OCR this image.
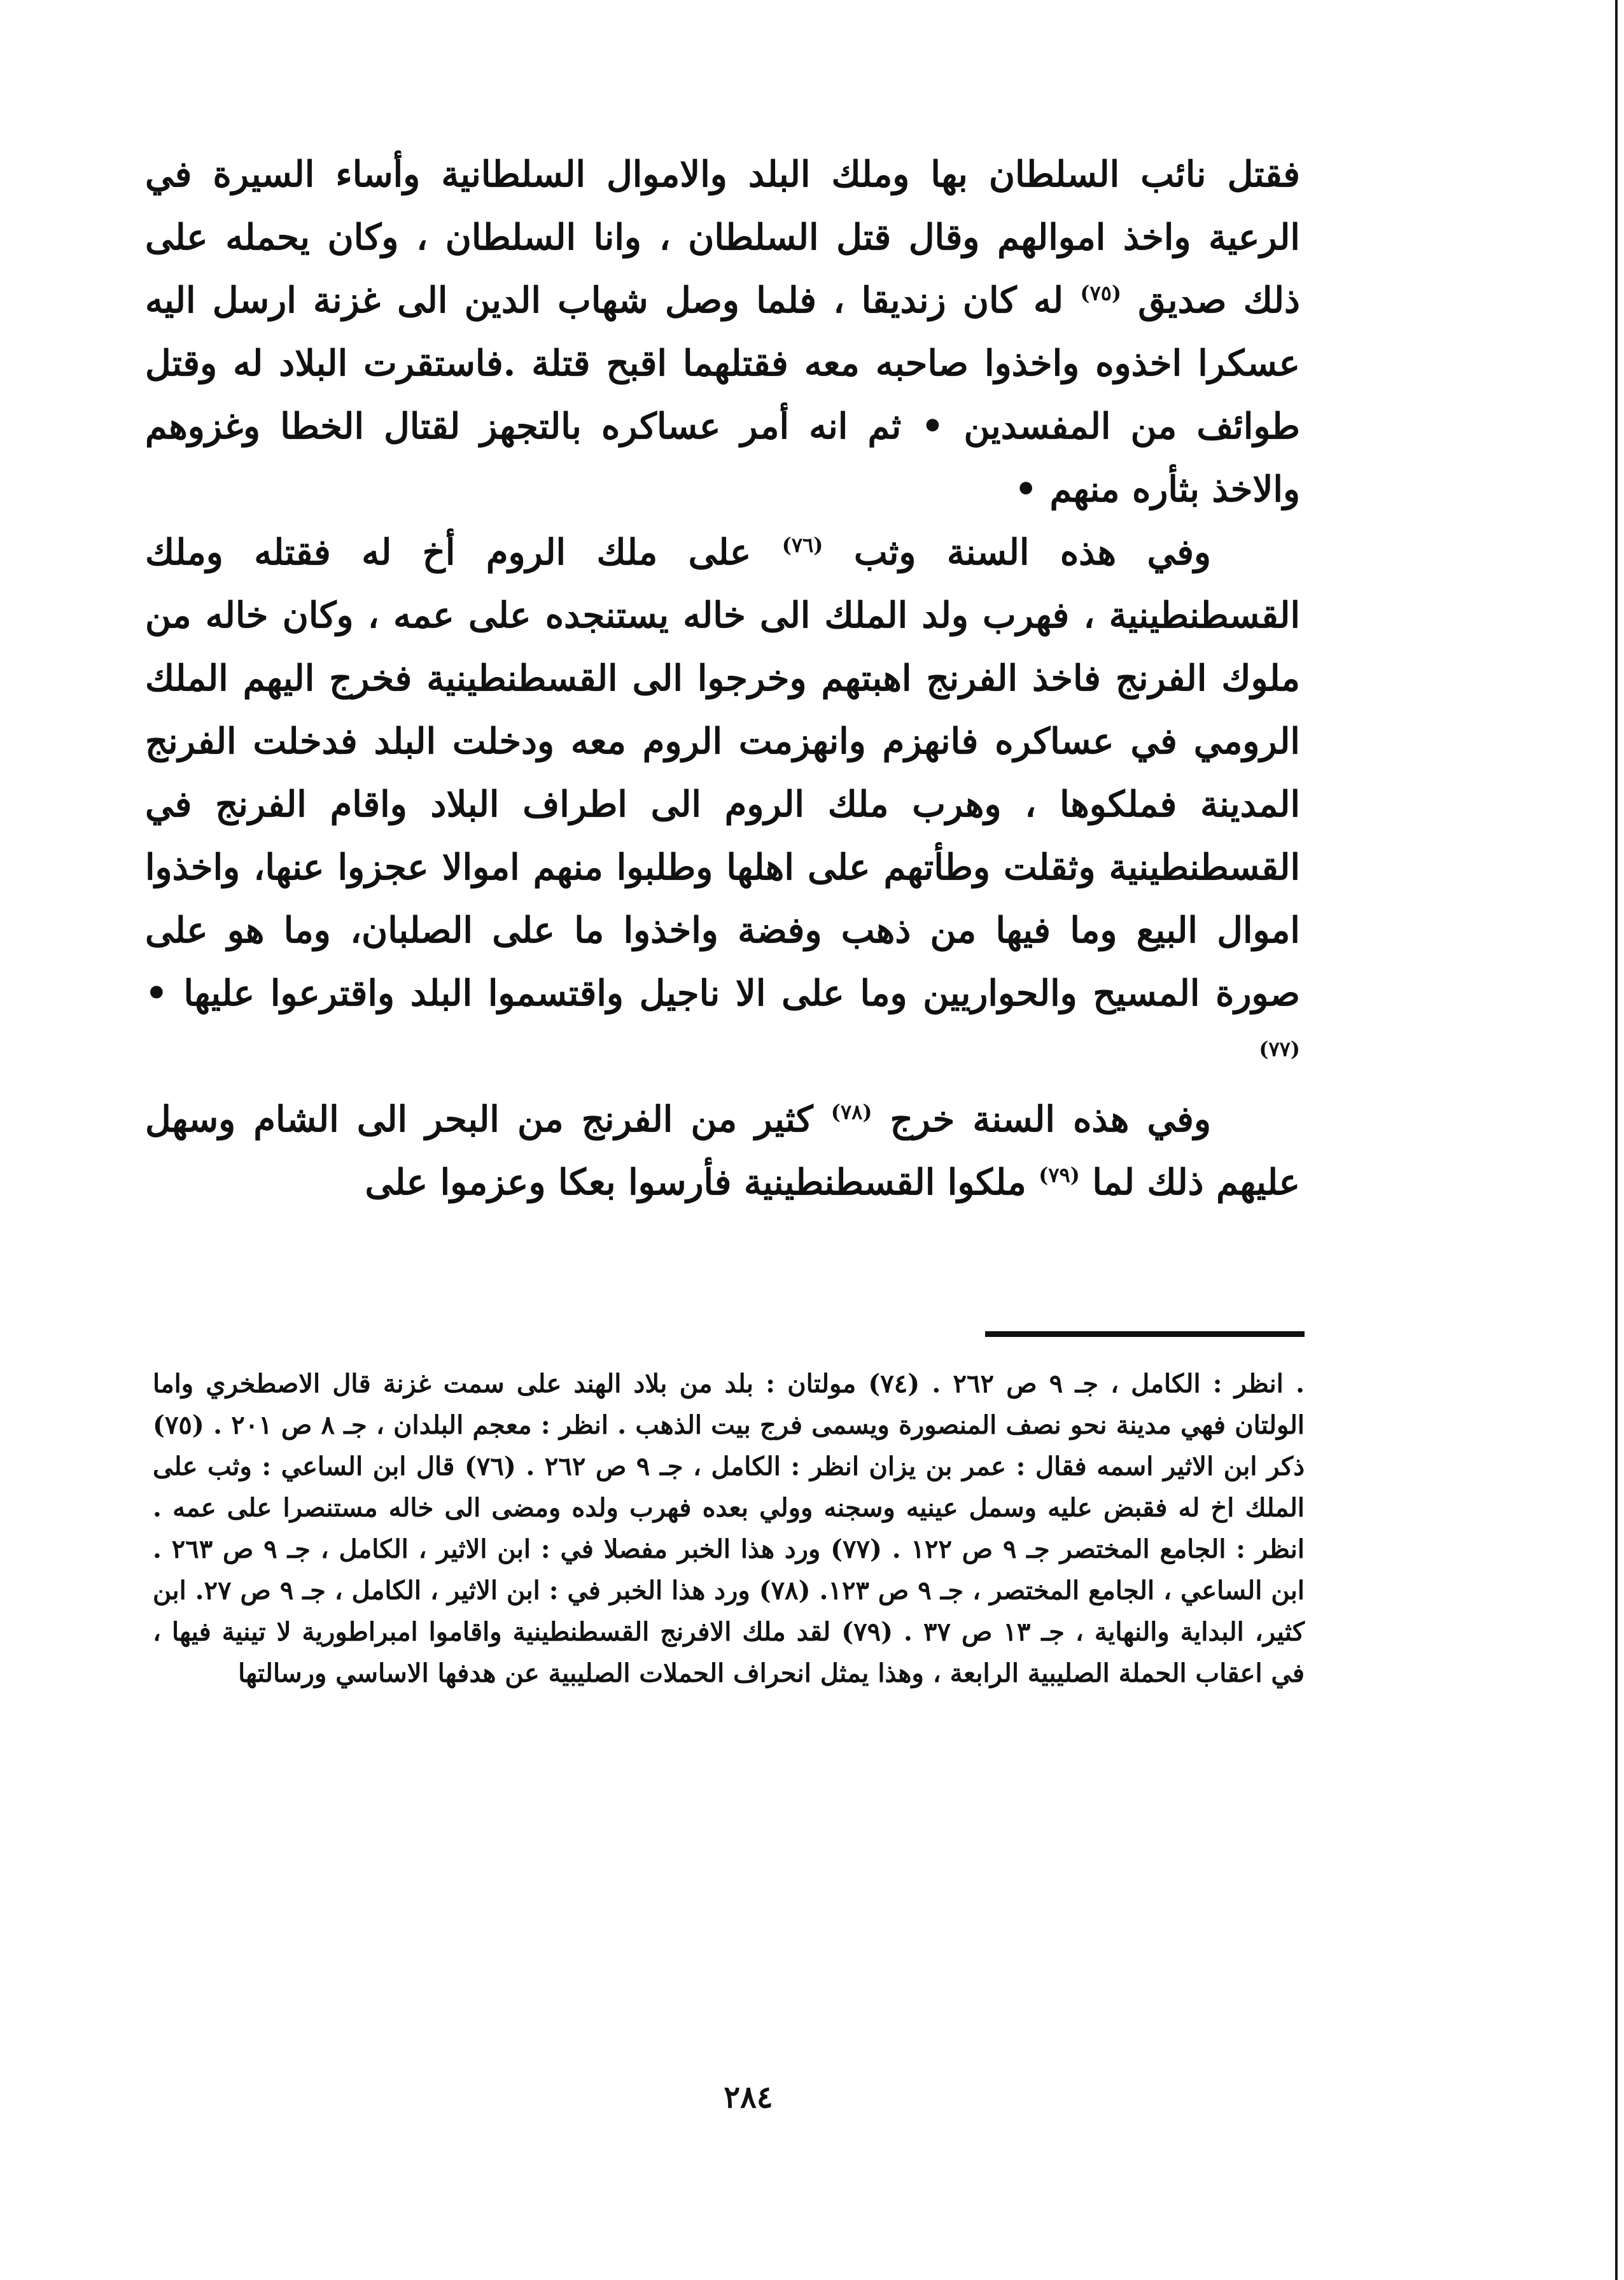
فقتل نائب السلطان بها وملك البلد والاموال السلطانية وأساء السيرة في الرعية واخذ اموالهم وقال قتل السلطان ، وانا السلطان ، وكان يحمله على ذلك صديق $^{(٧٥)}$ له كان زنديقا ، فلما وصل شهاب الدين الى غزنة ارسل اليه عسكرا اخذوه واخذوا صاحبه معه فقتلهما اقبح قتلة .فاستقرت البلاد له وقتل طوائف من المفسدين • ثم انه أمر عساكره بالتجهز لقتال الخطا وغزوهم والاخذ بثأره منهم •

وفي هذه السنة وثب $^{(٧٦)}$ على ملك الروم أخ له فقتله وملك القسطنطينية ، فهرب ولد الملك الى خاله يستنجده على عمه ، وكان خاله من ملوك الفرنج فاخذ الفرنج اهبتهم وخرجوا الى القسطنطينية فخرج اليهم الملك الرومي في عساكره فانهزم وانهزمت الروم معه ودخلت البلد فدخلت الفرنج المدينة فملكوها ، وهرب ملك الروم الى اطراف البلاد واقام الفرنج في القسطنطينية وثقلت وطأتهم على اهلها وطلبوا منهم اموالا عجزوا عنها، واخذوا اموال البيع وما فيها من ذهب وفضة واخذوا ما على الصلبان، وما هو على صورة المسيح والحواريين وما على الا ناجيل واقتسموا البلد واقترعوا عليها • $^{(٧٧)}$

وفي هذه السنة خرج $^{(٧٨)}$ كثير من الفرنج من البحر الى الشام وسهل عليهم ذلك لما $^{(٧٩)}$ ملكوا القسطنطينية فأرسوا بعكا وعزموا على

. انظر : الكامل ، جـ ٩ ص ٢٦٢ . (٧٤) مولتان : بلد من بلاد الهند على سمت غزنة قال الاصطخري واما الولتان فهي مدينة نحو نصف المنصورة ويسمى فرج بيت الذهب . انظر : معجم البلدان ، جـ ٨ ص ٢٠١ . (٧٥) ذكر ابن الاثير اسمه فقال : عمر بن يزان انظر : الكامل ، جـ ٩ ص ٢٦٢ . (٧٦) قال ابن الساعي : وثب على الملك اخ له فقبض عليه وسمل عينيه وسجنه وولي بعده فهرب ولده ومضى الى خاله مستنصرا على عمه . انظر : الجامع المختصر جـ ٩ ص ١٢٢ . (٧٧) ورد هذا الخبر مفصلا في : ابن الاثير ، الكامل ، جـ ٩ ص ٢٦٣ . ابن الساعي ، الجامع المختصر ، جـ ٩ ص ١٢٣. (٧٨) ورد هذا الخبر في : ابن الاثير ، الكامل ، جـ ٩ ص ٢٧. ابن كثير، البداية والنهاية ، جـ ١٣ ص ٣٧ . (٧٩) لقد ملك الافرنج القسطنطينية واقاموا امبراطورية لا تينية فيها ، في اعقاب الحملة الصليبية الرابعة ، وهذا يمثل انحراف الحملات الصليبية عن هدفها الاساسي ورسالتها

٢٨٤
